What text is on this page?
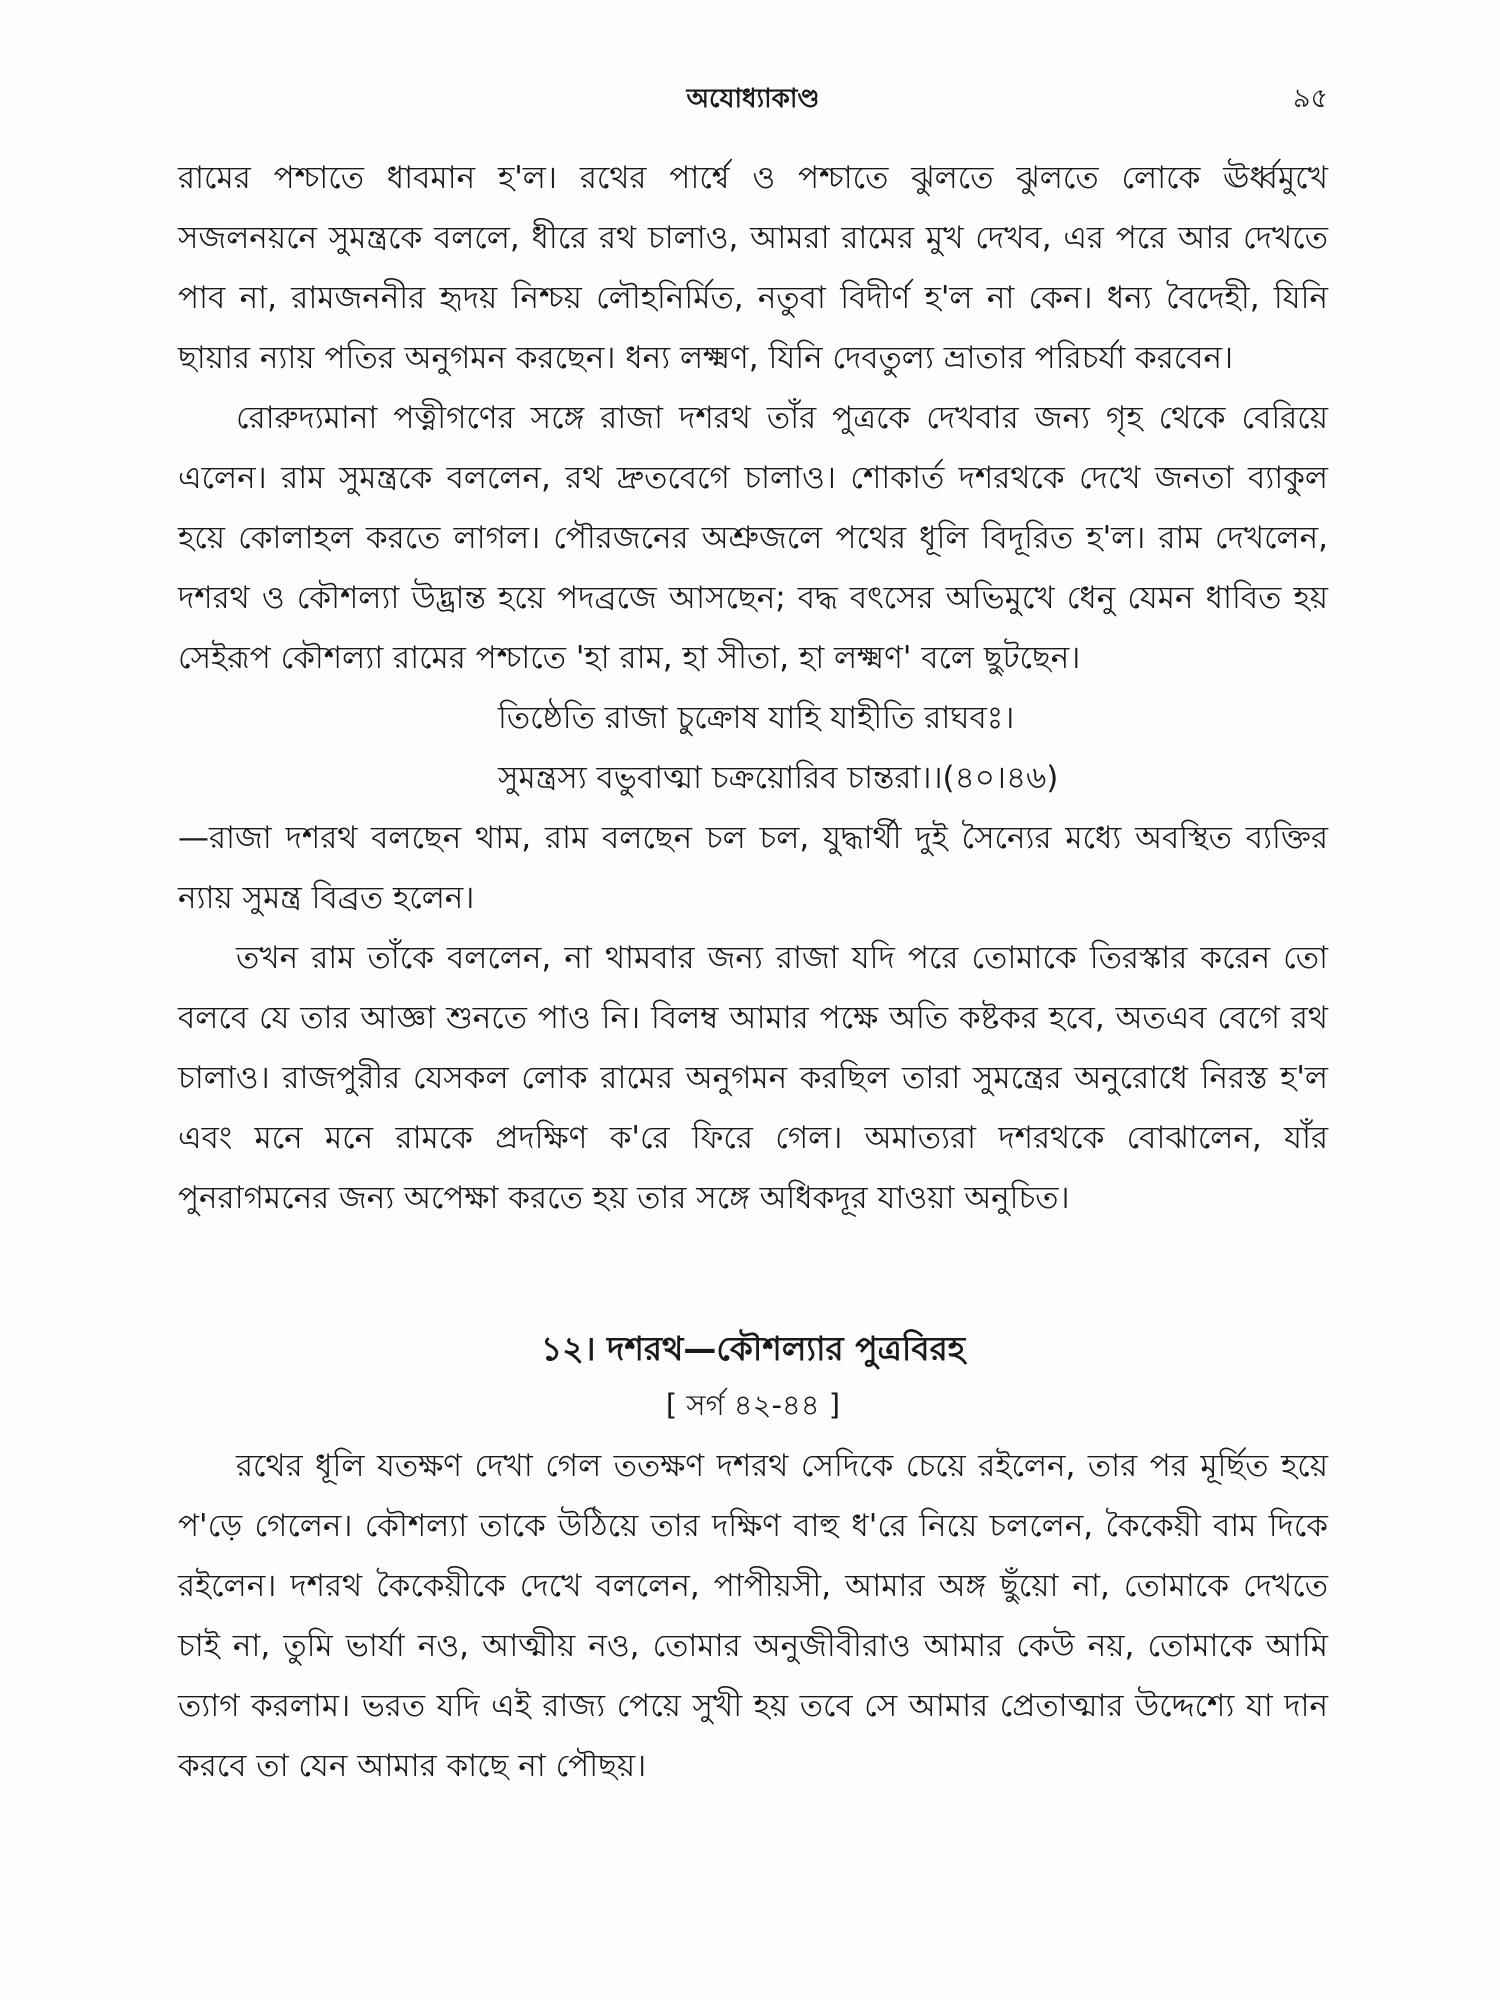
অযোধ্যাকাণ্ড	৯৫

রামের পশ্চাতে ধাবমান হ'ল। রথের পার্শ্বে ও পশ্চাতে ঝুলতে ঝুলতে লোকে ঊর্ধ্বমুখে সজলনয়নে সুমন্ত্রকে বললে, ধীরে রথ চালাও, আমরা রামের মুখ দেখব, এর পরে আর দেখতে পাব না, রামজননীর হৃদয় নিশ্চয় লৌহনির্মিত, নতুবা বিদীর্ণ হ'ল না কেন। ধন্য বৈদেহী, যিনি ছায়ার ন্যায় পতির অনুগমন করছেন। ধন্য লক্ষ্মণ, যিনি দেবতুল্য ভ্রাতার পরিচর্যা করবেন।

রোরুদ্যমানা পত্নীগণের সঙ্গে রাজা দশরথ তাঁর পুত্রকে দেখবার জন্য গৃহ থেকে বেরিয়ে এলেন। রাম সুমন্ত্রকে বললেন, রথ দ্রুতবেগে চালাও। শোকার্ত দশরথকে দেখে জনতা ব্যাকুল হয়ে কোলাহল করতে লাগল। পৌরজনের অশ্রুজলে পথের ধূলি বিদূরিত হ'ল। রাম দেখলেন, দশরথ ও কৌশল্যা উদ্ভ্রান্ত হয়ে পদব্রজে আসছেন; বদ্ধ বৎসের অভিমুখে ধেনু যেমন ধাবিত হয় সেইরূপ কৌশল্যা রামের পশ্চাতে 'হা রাম, হা সীতা, হা লক্ষ্মণ' বলে ছুটছেন।

তিষ্ঠেতি রাজা চুক্রোষ যাহি যাহীতি রাঘবঃ।
সুমন্ত্রস্য বভুবাত্মা চক্রয়োরিব চান্তরা।।(৪০।৪৬)

—রাজা দশরথ বলছেন থাম, রাম বলছেন চল চল, যুদ্ধার্থী দুই সৈন্যের মধ্যে অবস্থিত ব্যক্তির ন্যায় সুমন্ত্র বিব্রত হলেন।

তখন রাম তাঁকে বললেন, না থামবার জন্য রাজা যদি পরে তোমাকে তিরস্কার করেন তো বলবে যে তার আজ্ঞা শুনতে পাও নি। বিলম্ব আমার পক্ষে অতি কষ্টকর হবে, অতএব বেগে রথ চালাও। রাজপুরীর যেসকল লোক রামের অনুগমন করছিল তারা সুমন্ত্রের অনুরোধে নিরস্ত হ'ল এবং মনে মনে রামকে প্রদক্ষিণ ক'রে ফিরে গেল। অমাত্যরা দশরথকে বোঝালেন, যাঁর পুনরাগমনের জন্য অপেক্ষা করতে হয় তার সঙ্গে অধিকদূর যাওয়া অনুচিত।

১২। দশরথ—কৌশল্যার পুত্রবিরহ
[ সর্গ ৪২-৪৪ ]

রথের ধূলি যতক্ষণ দেখা গেল ততক্ষণ দশরথ সেদিকে চেয়ে রইলেন, তার পর মূর্ছিত হয়ে প'ড়ে গেলেন। কৌশল্যা তাকে উঠিয়ে তার দক্ষিণ বাহু ধ'রে নিয়ে চললেন, কৈকেয়ী বাম দিকে রইলেন। দশরথ কৈকেয়ীকে দেখে বললেন, পাপীয়সী, আমার অঙ্গ ছুঁয়ো না, তোমাকে দেখতে চাই না, তুমি ভার্যা নও, আত্মীয় নও, তোমার অনুজীবীরাও আমার কেউ নয়, তোমাকে আমি ত্যাগ করলাম। ভরত যদি এই রাজ্য পেয়ে সুখী হয় তবে সে আমার প্রেতাত্মার উদ্দেশ্যে যা দান করবে তা যেন আমার কাছে না পৌছয়।
